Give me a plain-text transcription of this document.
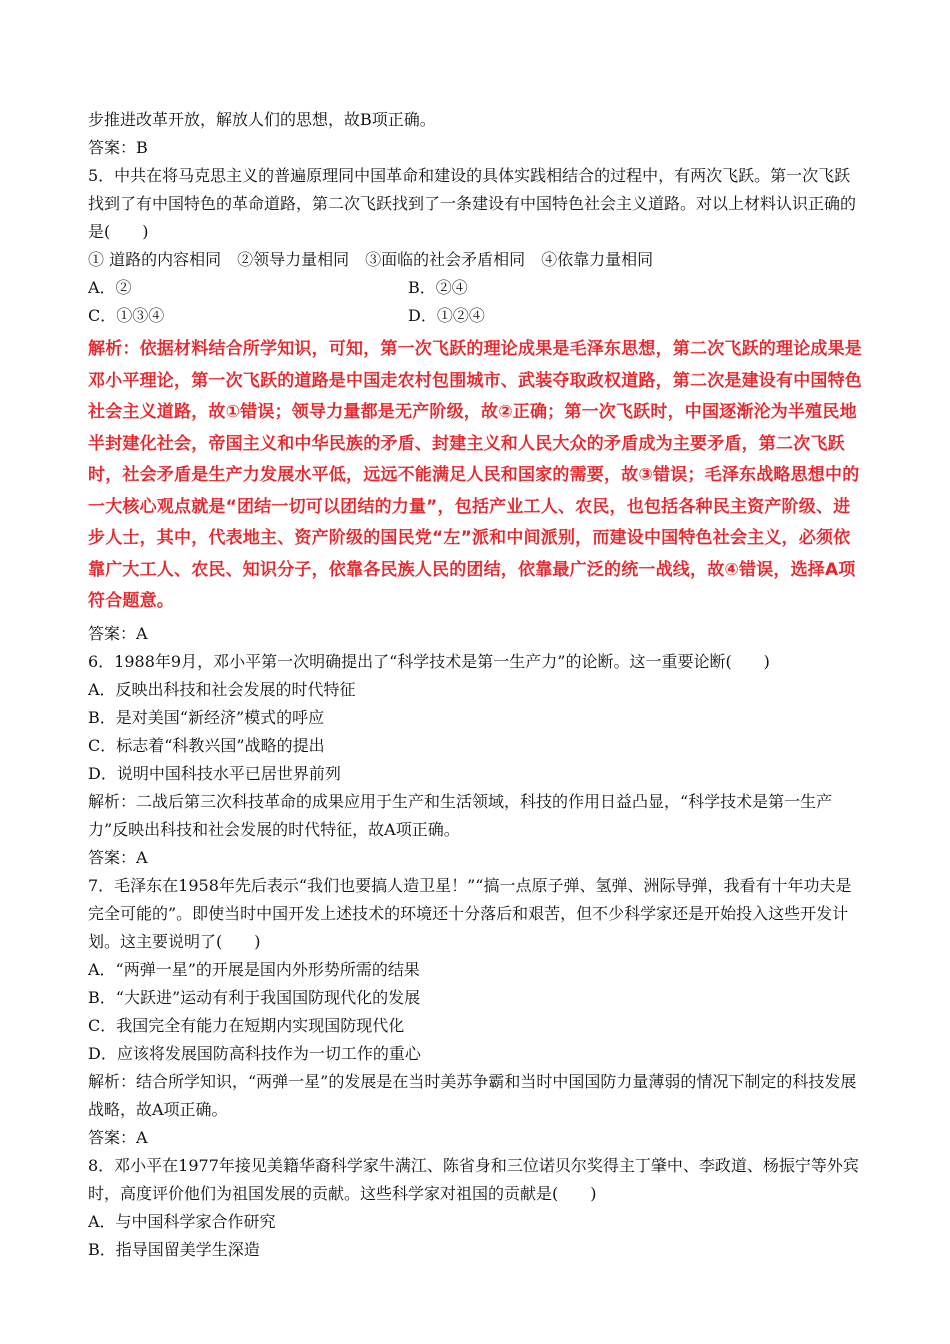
步推进改革开放，解放人们的思想，故B项正确。
答案：B
5．中共在将马克思主义的普遍原理同中国革命和建设的具体实践相结合的过程中，有两次飞跃。第一次飞跃找到了有中国特色的革命道路，第二次飞跃找到了一条建设有中国特色社会主义道路。对以上材料认识正确的是(　　)
① 道路的内容相同　②领导力量相同　③面临的社会矛盾相同　④依靠力量相同
A．②	B．②④
C．①③④	D．①②④
解析：依据材料结合所学知识，可知，第一次飞跃的理论成果是毛泽东思想，第二次飞跃的理论成果是邓小平理论，第一次飞跃的道路是中国走农村包围城市、武装夺取政权道路，第二次是建设有中国特色社会主义道路，故①错误；领导力量都是无产阶级，故②正确；第一次飞跃时，中国逐渐沦为半殖民地半封建化社会，帝国主义和中华民族的矛盾、封建主义和人民大众的矛盾成为主要矛盾，第二次飞跃时，社会矛盾是生产力发展水平低，远远不能满足人民和国家的需要，故③错误；毛泽东战略思想中的一大核心观点就是“团结一切可以团结的力量”，包括产业工人、农民，也包括各种民主资产阶级、进步人士，其中，代表地主、资产阶级的国民党“左”派和中间派别，而建设中国特色社会主义，必须依靠广大工人、农民、知识分子，依靠各民族人民的团结，依靠最广泛的统一战线，故④错误，选择A项符合题意。
答案：A
6．1988年9月，邓小平第一次明确提出了“科学技术是第一生产力”的论断。这一重要论断(　　)
A．反映出科技和社会发展的时代特征
B．是对美国“新经济”模式的呼应
C．标志着“科教兴国”战略的提出
D．说明中国科技水平已居世界前列
解析：二战后第三次科技革命的成果应用于生产和生活领域，科技的作用日益凸显，“科学技术是第一生产力”反映出科技和社会发展的时代特征，故A项正确。
答案：A
7．毛泽东在1958年先后表示“我们也要搞人造卫星！”“搞一点原子弹、氢弹、洲际导弹，我看有十年功夫是完全可能的”。即使当时中国开发上述技术的环境还十分落后和艰苦，但不少科学家还是开始投入这些开发计划。这主要说明了(　　)
A．“两弹一星”的开展是国内外形势所需的结果
B．“大跃进”运动有利于我国国防现代化的发展
C．我国完全有能力在短期内实现国防现代化
D．应该将发展国防高科技作为一切工作的重心
解析：结合所学知识，“两弹一星”的发展是在当时美苏争霸和当时中国国防力量薄弱的情况下制定的科技发展战略，故A项正确。
答案：A
8．邓小平在1977年接见美籍华裔科学家牛满江、陈省身和三位诺贝尔奖得主丁肇中、李政道、杨振宁等外宾时，高度评价他们为祖国发展的贡献。这些科学家对祖国的贡献是(　　)
A．与中国科学家合作研究
B．指导国留美学生深造
